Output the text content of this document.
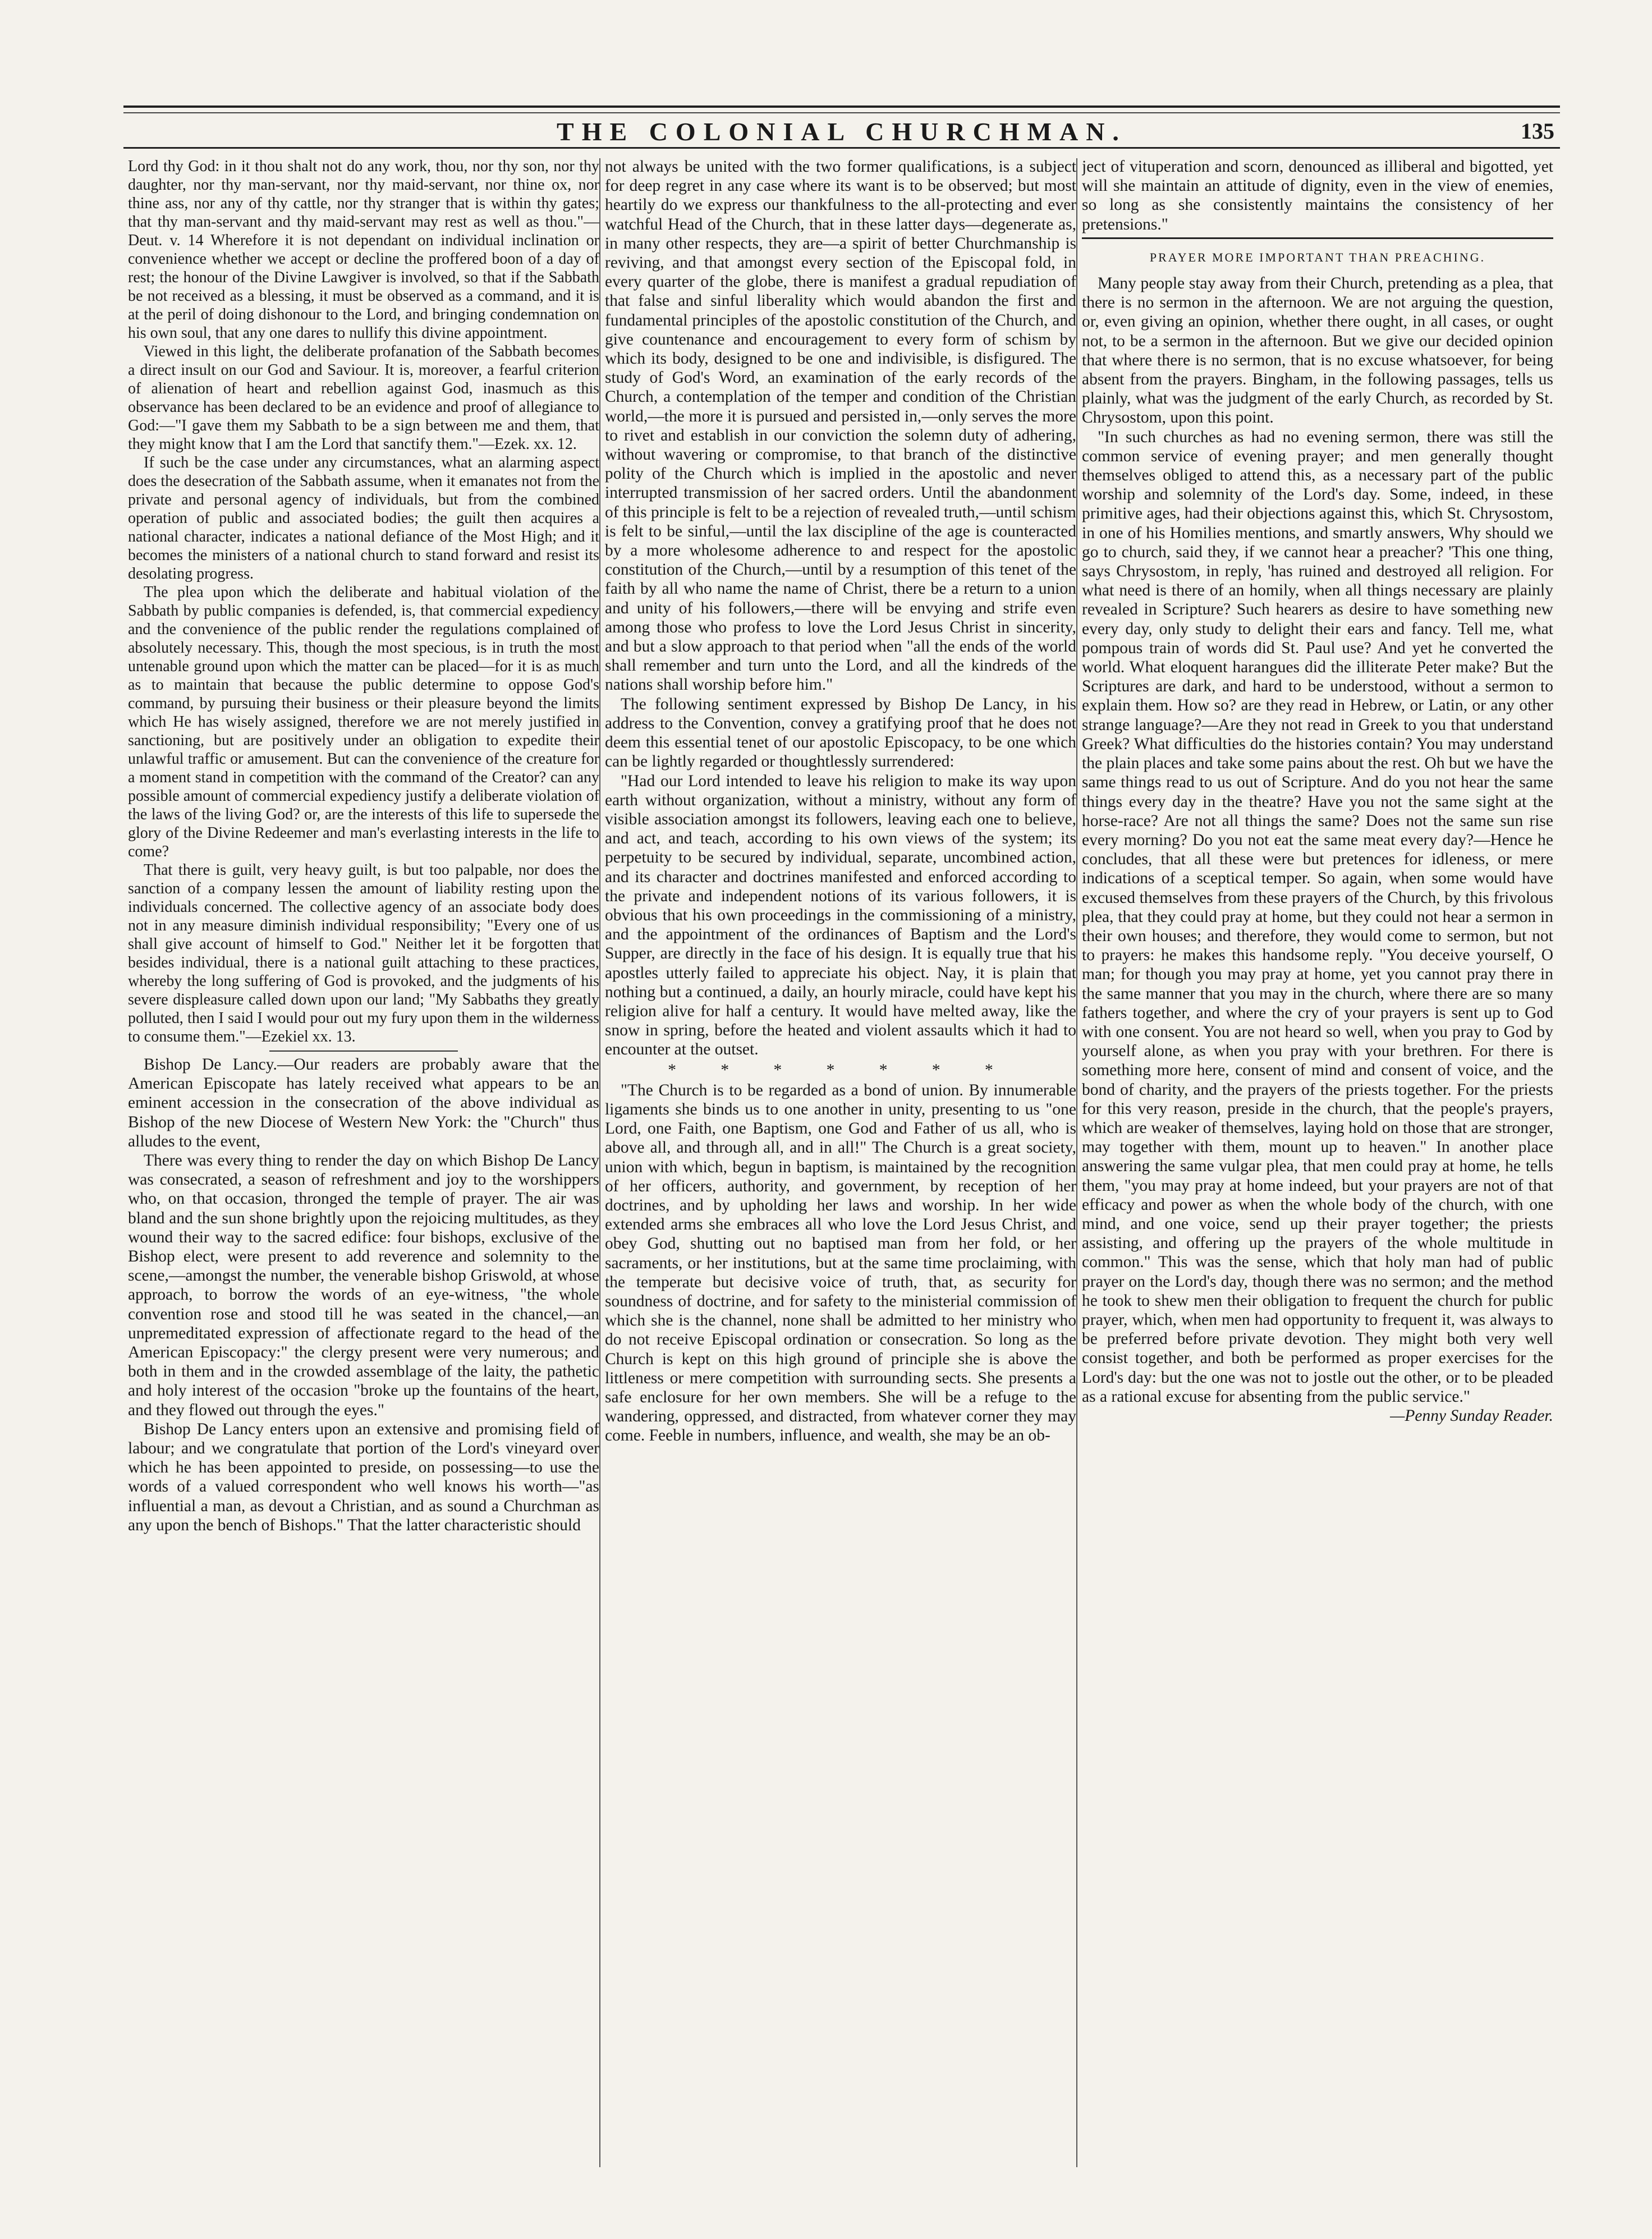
THE COLONIAL CHURCHMAN.	135

Lord thy God: in it thou shalt not do any work, thou, nor thy son, nor thy daughter, nor thy man-servant, nor thy maid-servant, nor thine ox, nor thine ass, nor any of thy cattle, nor thy stranger that is within thy gates; that thy man-servant and thy maid-servant may rest as well as thou."—Deut. v. 14 Wherefore it is not dependant on individual inclination or convenience whether we accept or decline the proffered boon of a day of rest; the honour of the Divine Lawgiver is involved, so that if the Sabbath be not received as a blessing, it must be observed as a command, and it is at the peril of doing dishonour to the Lord, and bringing condemnation on his own soul, that any one dares to nullify this divine appointment.

Viewed in this light, the deliberate profanation of the Sabbath becomes a direct insult on our God and Saviour. It is, moreover, a fearful criterion of alienation of heart and rebellion against God, inasmuch as this observance has been declared to be an evidence and proof of allegiance to God:—"I gave them my Sabbath to be a sign between me and them, that they might know that I am the Lord that sanctify them."—Ezek. xx. 12.

If such be the case under any circumstances, what an alarming aspect does the desecration of the Sabbath assume, when it emanates not from the private and personal agency of individuals, but from the combined operation of public and associated bodies; the guilt then acquires a national character, indicates a national defiance of the Most High; and it becomes the ministers of a national church to stand forward and resist its desolating progress.

The plea upon which the deliberate and habitual violation of the Sabbath by public companies is defended, is, that commercial expediency and the convenience of the public render the regulations complained of absolutely necessary. This, though the most specious, is in truth the most untenable ground upon which the matter can be placed—for it is as much as to maintain that because the public determine to oppose God's command, by pursuing their business or their pleasure beyond the limits which He has wisely assigned, therefore we are not merely justified in sanctioning, but are positively under an obligation to expedite their unlawful traffic or amusement. But can the convenience of the creature for a moment stand in competition with the command of the Creator? can any possible amount of commercial expediency justify a deliberate violation of the laws of the living God? or, are the interests of this life to supersede the glory of the Divine Redeemer and man's everlasting interests in the life to come?

That there is guilt, very heavy guilt, is but too palpable, nor does the sanction of a company lessen the amount of liability resting upon the individuals concerned. The collective agency of an associate body does not in any measure diminish individual responsibility; "Every one of us shall give account of himself to God." Neither let it be forgotten that besides individual, there is a national guilt attaching to these practices, whereby the long suffering of God is provoked, and the judgments of his severe displeasure called down upon our land; "My Sabbaths they greatly polluted, then I said I would pour out my fury upon them in the wilderness to consume them."—Ezekiel xx. 13.

Bishop De Lancy.—Our readers are probably aware that the American Episcopate has lately received what appears to be an eminent accession in the consecration of the above individual as Bishop of the new Diocese of Western New York: the "Church" thus alludes to the event,

There was every thing to render the day on which Bishop De Lancy was consecrated, a season of refreshment and joy to the worshippers who, on that occasion, thronged the temple of prayer. The air was bland and the sun shone brightly upon the rejoicing multitudes, as they wound their way to the sacred edifice: four bishops, exclusive of the Bishop elect, were present to add reverence and solemnity to the scene,—amongst the number, the venerable bishop Griswold, at whose approach, to borrow the words of an eye-witness, "the whole convention rose and stood till he was seated in the chancel,—an unpremeditated expression of affectionate regard to the head of the American Episcopacy:" the clergy present were very numerous; and both in them and in the crowded assemblage of the laity, the pathetic and holy interest of the occasion "broke up the fountains of the heart, and they flowed out through the eyes."

Bishop De Lancy enters upon an extensive and promising field of labour; and we congratulate that portion of the Lord's vineyard over which he has been appointed to preside, on possessing—to use the words of a valued correspondent who well knows his worth—"as influential a man, as devout a Christian, and as sound a Churchman as any upon the bench of Bishops." That the latter characteristic should

not always be united with the two former qualifications, is a subject for deep regret in any case where its want is to be observed; but most heartily do we express our thankfulness to the all-protecting and ever watchful Head of the Church, that in these latter days—degenerate as, in many other respects, they are—a spirit of better Churchmanship is reviving, and that amongst every section of the Episcopal fold, in every quarter of the globe, there is manifest a gradual repudiation of that false and sinful liberality which would abandon the first and fundamental principles of the apostolic constitution of the Church, and give countenance and encouragement to every form of schism by which its body, designed to be one and indivisible, is disfigured. The study of God's Word, an examination of the early records of the Church, a contemplation of the temper and condition of the Christian world,—the more it is pursued and persisted in,—only serves the more to rivet and establish in our conviction the solemn duty of adhering, without wavering or compromise, to that branch of the distinctive polity of the Church which is implied in the apostolic and never interrupted transmission of her sacred orders. Until the abandonment of this principle is felt to be a rejection of revealed truth,—until schism is felt to be sinful,—until the lax discipline of the age is counteracted by a more wholesome adherence to and respect for the apostolic constitution of the Church,—until by a resumption of this tenet of the faith by all who name the name of Christ, there be a return to a union and unity of his followers,—there will be envying and strife even among those who profess to love the Lord Jesus Christ in sincerity, and but a slow approach to that period when "all the ends of the world shall remember and turn unto the Lord, and all the kindreds of the nations shall worship before him."

The following sentiment expressed by Bishop De Lancy, in his address to the Convention, convey a gratifying proof that he does not deem this essential tenet of our apostolic Episcopacy, to be one which can be lightly regarded or thoughtlessly surrendered:

"Had our Lord intended to leave his religion to make its way upon earth without organization, without a ministry, without any form of visible association amongst its followers, leaving each one to believe, and act, and teach, according to his own views of the system; its perpetuity to be secured by individual, separate, uncombined action, and its character and doctrines manifested and enforced according to the private and independent notions of its various followers, it is obvious that his own proceedings in the commissioning of a ministry, and the appointment of the ordinances of Baptism and the Lord's Supper, are directly in the face of his design. It is equally true that his apostles utterly failed to appreciate his object. Nay, it is plain that nothing but a continued, a daily, an hourly miracle, could have kept his religion alive for half a century. It would have melted away, like the snow in spring, before the heated and violent assaults which it had to encounter at the outset.

* * * * * * *

"The Church is to be regarded as a bond of union. By innumerable ligaments she binds us to one another in unity, presenting to us "one Lord, one Faith, one Baptism, one God and Father of us all, who is above all, and through all, and in all!" The Church is a great society, union with which, begun in baptism, is maintained by the recognition of her officers, authority, and government, by reception of her doctrines, and by upholding her laws and worship. In her wide extended arms she embraces all who love the Lord Jesus Christ, and obey God, shutting out no baptised man from her fold, or her sacraments, or her institutions, but at the same time proclaiming, with the temperate but decisive voice of truth, that, as security for soundness of doctrine, and for safety to the ministerial commission of which she is the channel, none shall be admitted to her ministry who do not receive Episcopal ordination or consecration. So long as the Church is kept on this high ground of principle she is above the littleness or mere competition with surrounding sects. She presents a safe enclosure for her own members. She will be a refuge to the wandering, oppressed, and distracted, from whatever corner they may come. Feeble in numbers, influence, and wealth, she may be an ob-

ject of vituperation and scorn, denounced as illiberal and bigotted, yet will she maintain an attitude of dignity, even in the view of enemies, so long as she consistently maintains the consistency of her pretensions."

PRAYER MORE IMPORTANT THAN PREACHING.

Many people stay away from their Church, pretending as a plea, that there is no sermon in the afternoon. We are not arguing the question, or, even giving an opinion, whether there ought, in all cases, or ought not, to be a sermon in the afternoon. But we give our decided opinion that where there is no sermon, that is no excuse whatsoever, for being absent from the prayers. Bingham, in the following passages, tells us plainly, what was the judgment of the early Church, as recorded by St. Chrysostom, upon this point.

"In such churches as had no evening sermon, there was still the common service of evening prayer; and men generally thought themselves obliged to attend this, as a necessary part of the public worship and solemnity of the Lord's day. Some, indeed, in these primitive ages, had their objections against this, which St. Chrysostom, in one of his Homilies mentions, and smartly answers, Why should we go to church, said they, if we cannot hear a preacher? 'This one thing, says Chrysostom, in reply, 'has ruined and destroyed all religion. For what need is there of an homily, when all things necessary are plainly revealed in Scripture? Such hearers as desire to have something new every day, only study to delight their ears and fancy. Tell me, what pompous train of words did St. Paul use? And yet he converted the world. What eloquent harangues did the illiterate Peter make? But the Scriptures are dark, and hard to be understood, without a sermon to explain them. How so? are they read in Hebrew, or Latin, or any other strange language?—Are they not read in Greek to you that understand Greek? What difficulties do the histories contain? You may understand the plain places and take some pains about the rest. Oh but we have the same things read to us out of Scripture. And do you not hear the same things every day in the theatre? Have you not the same sight at the horse-race? Are not all things the same? Does not the same sun rise every morning? Do you not eat the same meat every day?—Hence he concludes, that all these were but pretences for idleness, or mere indications of a sceptical temper. So again, when some would have excused themselves from these prayers of the Church, by this frivolous plea, that they could pray at home, but they could not hear a sermon in their own houses; and therefore, they would come to sermon, but not to prayers: he makes this handsome reply. "You deceive yourself, O man; for though you may pray at home, yet you cannot pray there in the same manner that you may in the church, where there are so many fathers together, and where the cry of your prayers is sent up to God with one consent. You are not heard so well, when you pray to God by yourself alone, as when you pray with your brethren. For there is something more here, consent of mind and consent of voice, and the bond of charity, and the prayers of the priests together. For the priests for this very reason, preside in the church, that the people's prayers, which are weaker of themselves, laying hold on those that are stronger, may together with them, mount up to heaven." In another place answering the same vulgar plea, that men could pray at home, he tells them, "you may pray at home indeed, but your prayers are not of that efficacy and power as when the whole body of the church, with one mind, and one voice, send up their prayer together; the priests assisting, and offering up the prayers of the whole multitude in common." This was the sense, which that holy man had of public prayer on the Lord's day, though there was no sermon; and the method he took to shew men their obligation to frequent the church for public prayer, which, when men had opportunity to frequent it, was always to be preferred before private devotion. They might both very well consist together, and both be performed as proper exercises for the Lord's day: but the one was not to jostle out the other, or to be pleaded as a rational excuse for absenting from the public service."

—Penny Sunday Reader.
